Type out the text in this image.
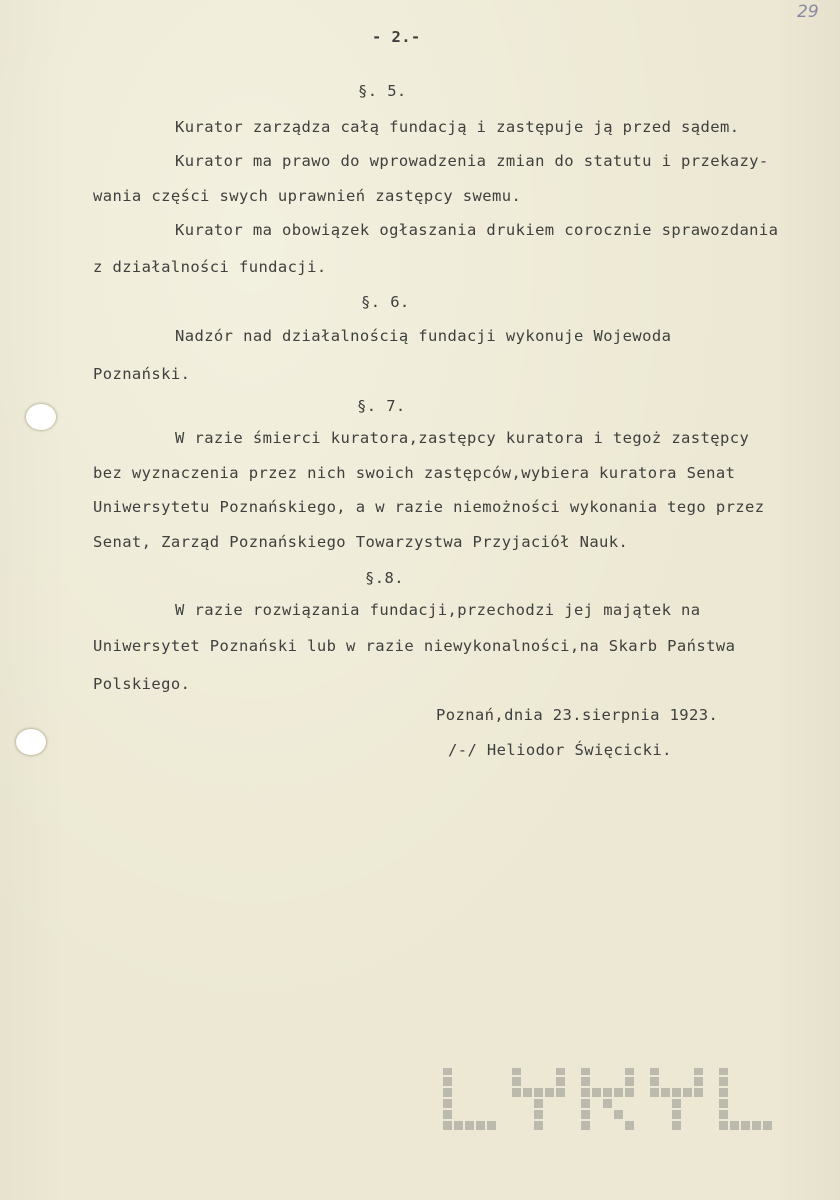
29
- 2.-
§. 5.
Kurator zarządza całą fundacją i zastępuje ją przed sądem.
Kurator ma prawo do wprowadzenia zmian do statutu i przekazy-
wania części swych uprawnień zastępcy swemu.
Kurator ma obowiązek ogłaszania drukiem corocznie sprawozdania
z działalności fundacji.
§. 6.
Nadzór nad działalnością fundacji wykonuje Wojewoda
Poznański.
§. 7.
W razie śmierci kuratora,zastępcy kuratora i tegoż zastępcy
bez wyznaczenia przez nich swoich zastępców,wybiera kuratora Senat
Uniwersytetu Poznańskiego, a w razie niemożności wykonania tego przez
Senat, Zarząd Poznańskiego Towarzystwa Przyjaciół Nauk.
§.8.
W razie rozwiązania fundacji,przechodzi jej majątek na
Uniwersytet Poznański lub w razie niewykonalności,na Skarb Państwa
Polskiego.
Poznań,dnia 23.sierpnia 1923.
/-/ Heliodor Święcicki.
